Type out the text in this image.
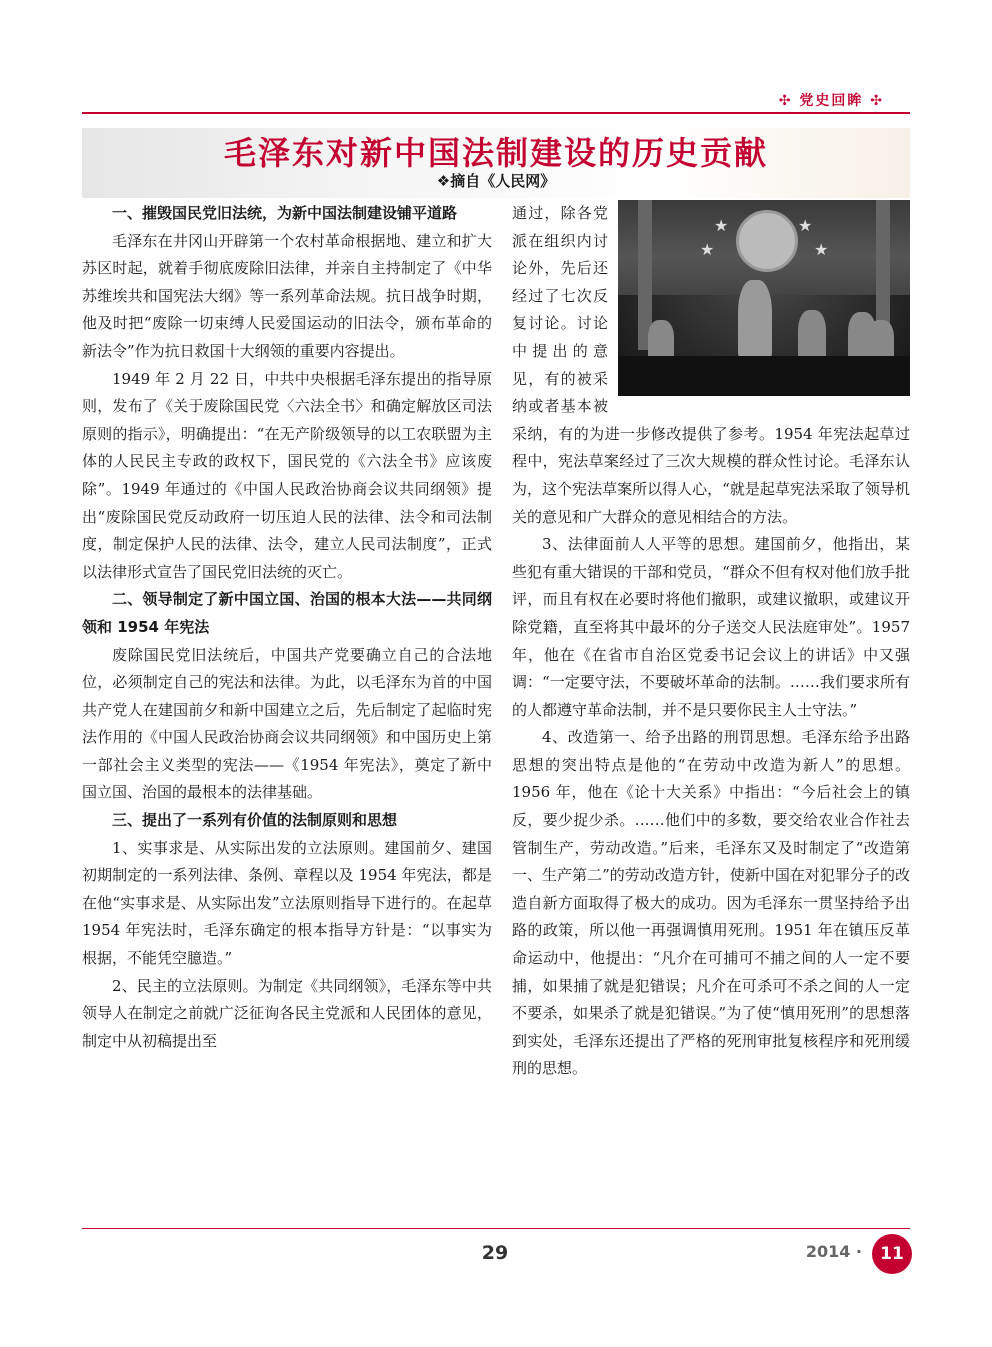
✣ 党史回眸 ✣
毛泽东对新中国法制建设的历史贡献
❖摘自《人民网》
一、摧毁国民党旧法统，为新中国法制建设铺平道路

毛泽东在井冈山开辟第一个农村革命根据地、建立和扩大苏区时起，就着手彻底废除旧法律，并亲自主持制定了《中华苏维埃共和国宪法大纲》等一系列革命法规。抗日战争时期，他及时把“废除一切束缚人民爱国运动的旧法令，颁布革命的新法令”作为抗日救国十大纲领的重要内容提出。

1949 年 2 月 22 日，中共中央根据毛泽东提出的指导原则，发布了《关于废除国民党〈六法全书〉和确定解放区司法原则的指示》，明确提出：“在无产阶级领导的以工农联盟为主体的人民民主专政的政权下，国民党的《六法全书》应该废除”。1949 年通过的《中国人民政治协商会议共同纲领》提出“废除国民党反动政府一切压迫人民的法律、法令和司法制度，制定保护人民的法律、法令，建立人民司法制度”，正式以法律形式宣告了国民党旧法统的灭亡。

二、领导制定了新中国立国、治国的根本大法——共同纲领和 1954 年宪法

废除国民党旧法统后，中国共产党要确立自己的合法地位，必须制定自己的宪法和法律。为此，以毛泽东为首的中国共产党人在建国前夕和新中国建立之后，先后制定了起临时宪法作用的《中国人民政治协商会议共同纲领》和中国历史上第一部社会主义类型的宪法——《1954 年宪法》，奠定了新中国立国、治国的最根本的法律基础。

三、提出了一系列有价值的法制原则和思想

1、实事求是、从实际出发的立法原则。建国前夕、建国初期制定的一系列法律、条例、章程以及 1954 年宪法，都是在他“实事求是、从实际出发”立法原则指导下进行的。在起草 1954 年宪法时，毛泽东确定的根本指导方针是：“以事实为根据，不能凭空臆造。”

2、民主的立法原则。为制定《共同纲领》，毛泽东等中共领导人在制定之前就广泛征询各民主党派和人民团体的意见，制定中从初稿提出至

★	★
★	★

通过，除各党派在组织内讨论外，先后还经过了七次反复讨论。讨论中提出的意见，有的被采纳或者基本被采纳，有的为进一步修改提供了参考。1954 年宪法起草过程中，宪法草案经过了三次大规模的群众性讨论。毛泽东认为，这个宪法草案所以得人心，“就是起草宪法采取了领导机关的意见和广大群众的意见相结合的方法。

3、法律面前人人平等的思想。建国前夕，他指出，某些犯有重大错误的干部和党员，“群众不但有权对他们放手批评，而且有权在必要时将他们撤职，或建议撤职，或建议开除党籍，直至将其中最坏的分子送交人民法庭审处”。1957 年，他在《在省市自治区党委书记会议上的讲话》中又强调：“一定要守法，不要破坏革命的法制。……我们要求所有的人都遵守革命法制，并不是只要你民主人士守法。”

4、改造第一、给予出路的刑罚思想。毛泽东给予出路思想的突出特点是他的“在劳动中改造为新人”的思想。1956 年，他在《论十大关系》中指出：“今后社会上的镇反，要少捉少杀。……他们中的多数，要交给农业合作社去管制生产，劳动改造。”后来，毛泽东又及时制定了“改造第一、生产第二”的劳动改造方针，使新中国在对犯罪分子的改造自新方面取得了极大的成功。因为毛泽东一贯坚持给予出路的政策，所以他一再强调慎用死刑。1951 年在镇压反革命运动中，他提出：“凡介在可捕可不捕之间的人一定不要捕，如果捕了就是犯错误；凡介在可杀可不杀之间的人一定不要杀，如果杀了就是犯错误。”为了使“慎用死刑”的思想落到实处，毛泽东还提出了严格的死刑审批复核程序和死刑缓刑的思想。

29	2014 ·	11
